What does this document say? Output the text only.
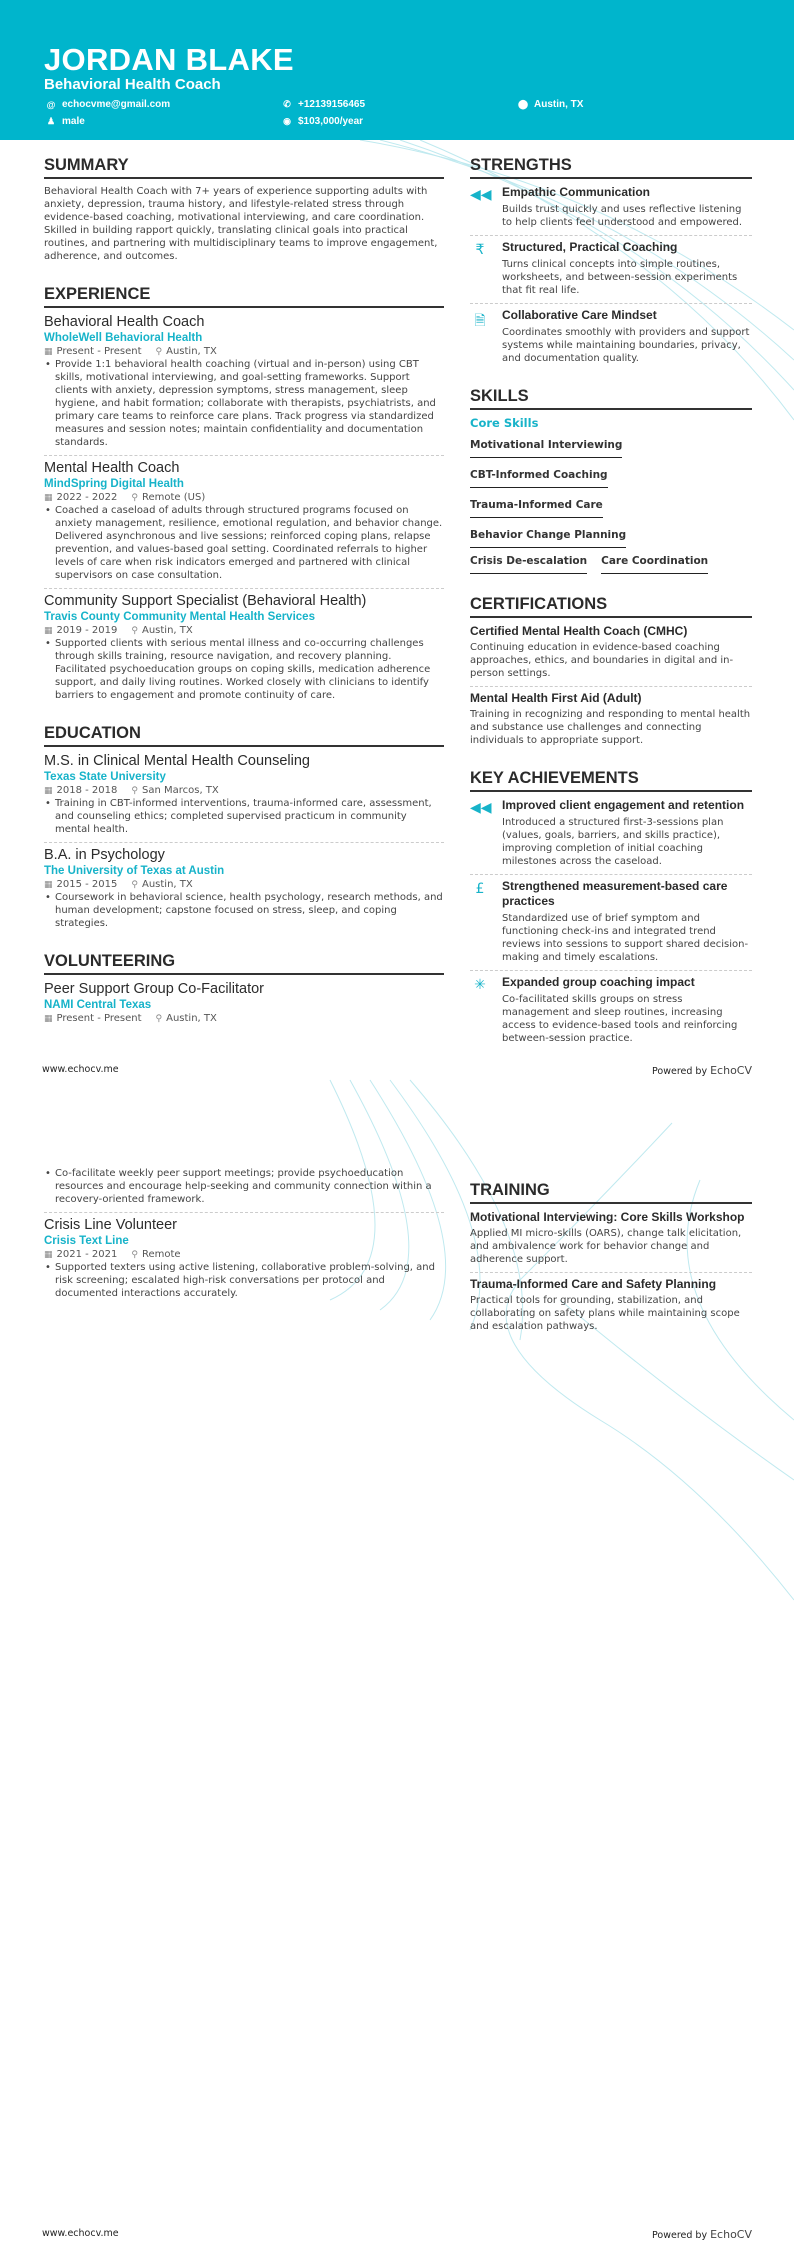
JORDAN BLAKE
Behavioral Health Coach
@ echocvme@gmail.com	✆ +12139156465	⬤ Austin, TX
♟ male	◉ $103,000/year
SUMMARY
Behavioral Health Coach with 7+ years of experience supporting adults with anxiety, depression, trauma history, and lifestyle-related stress through evidence-based coaching, motivational interviewing, and care coordination. Skilled in building rapport quickly, translating clinical goals into practical routines, and partnering with multidisciplinary teams to improve engagement, adherence, and outcomes.
EXPERIENCE
Behavioral Health Coach
WholeWell Behavioral Health
▦ Present - Present ⚲ Austin, TX
• Provide 1:1 behavioral health coaching (virtual and in-person) using CBT skills, motivational interviewing, and goal-setting frameworks. Support clients with anxiety, depression symptoms, stress management, sleep hygiene, and habit formation; collaborate with therapists, psychiatrists, and primary care teams to reinforce care plans. Track progress via standardized measures and session notes; maintain confidentiality and documentation standards.
Mental Health Coach
MindSpring Digital Health
▦ 2022 - 2022 ⚲ Remote (US)
• Coached a caseload of adults through structured programs focused on anxiety management, resilience, emotional regulation, and behavior change. Delivered asynchronous and live sessions; reinforced coping plans, relapse prevention, and values-based goal setting. Coordinated referrals to higher levels of care when risk indicators emerged and partnered with clinical supervisors on case consultation.
Community Support Specialist (Behavioral Health)
Travis County Community Mental Health Services
▦ 2019 - 2019 ⚲ Austin, TX
• Supported clients with serious mental illness and co-occurring challenges through skills training, resource navigation, and recovery planning. Facilitated psychoeducation groups on coping skills, medication adherence support, and daily living routines. Worked closely with clinicians to identify barriers to engagement and promote continuity of care.
EDUCATION
M.S. in Clinical Mental Health Counseling
Texas State University
▦ 2018 - 2018 ⚲ San Marcos, TX
• Training in CBT-informed interventions, trauma-informed care, assessment, and counseling ethics; completed supervised practicum in community mental health.
B.A. in Psychology
The University of Texas at Austin
▦ 2015 - 2015 ⚲ Austin, TX
• Coursework in behavioral science, health psychology, research methods, and human development; capstone focused on stress, sleep, and coping strategies.
VOLUNTEERING
Peer Support Group Co-Facilitator
NAMI Central Texas
▦ Present - Present ⚲ Austin, TX
STRENGTHS
◀◀ Empathic Communication
Builds trust quickly and uses reflective listening to help clients feel understood and empowered.
₹	Structured, Practical Coaching
Turns clinical concepts into simple routines, worksheets, and between-session experiments that fit real life.
🗎	Collaborative Care Mindset
Coordinates smoothly with providers and support systems while maintaining boundaries, privacy, and documentation quality.
SKILLS
Core Skills
Motivational Interviewing
CBT-Informed Coaching
Trauma-Informed Care
Behavior Change Planning
Crisis De-escalation Care Coordination
CERTIFICATIONS
Certified Mental Health Coach (CMHC)
Continuing education in evidence-based coaching approaches, ethics, and boundaries in digital and in-person settings.
Mental Health First Aid (Adult)
Training in recognizing and responding to mental health and substance use challenges and connecting individuals to appropriate support.
KEY ACHIEVEMENTS
◀◀ Improved client engagement and retention
Introduced a structured first-3-sessions plan (values, goals, barriers, and skills practice), improving completion of initial coaching milestones across the caseload.
£	Strengthened measurement-based care practices
Standardized use of brief symptom and functioning check-ins and integrated trend reviews into sessions to support shared decision-making and timely escalations.
✳	Expanded group coaching impact
Co-facilitated skills groups on stress management and sleep routines, increasing access to evidence-based tools and reinforcing between-session practice.
www.echocv.me	Powered by EchoCV
• Co-facilitate weekly peer support meetings; provide psychoeducation resources and encourage help-seeking and community connection within a recovery-oriented framework.
Crisis Line Volunteer
Crisis Text Line
▦ 2021 - 2021 ⚲ Remote
• Supported texters using active listening, collaborative problem-solving, and risk screening; escalated high-risk conversations per protocol and documented interactions accurately.
TRAINING
Motivational Interviewing: Core Skills Workshop
Applied MI micro-skills (OARS), change talk elicitation, and ambivalence work for behavior change and adherence support.
Trauma-Informed Care and Safety Planning
Practical tools for grounding, stabilization, and collaborating on safety plans while maintaining scope and escalation pathways.
www.echocv.me	Powered by EchoCV
